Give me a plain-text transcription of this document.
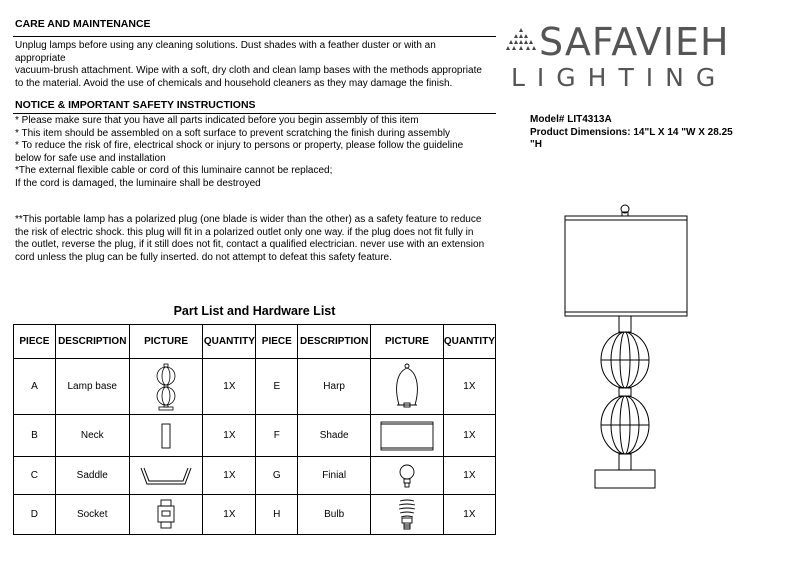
CARE AND MAINTENANCE
Unplug lamps before using any cleaning solutions. Dust shades with a feather duster or with an
appropriate
vacuum-brush attachment. Wipe with a soft, dry cloth and clean lamp bases with the methods appropriate
to the material. Avoid the use of chemicals and household cleaners as they may damage the finish.
NOTICE & IMPORTANT SAFETY INSTRUCTIONS
* Please make sure that you have all parts indicated before you begin assembly of this item
* This item should be assembled on a soft surface to prevent scratching the finish during assembly
* To reduce the risk of fire, electrical shock or injury to persons or property, please follow the guideline
below for safe use and installation
*The external flexible cable or cord of this luminaire cannot be replaced;
If the cord is damaged, the luminaire shall be destroyed
**This portable lamp has a polarized plug (one blade is wider than the other) as a safety feature to reduce
the risk of electric shock. this plug will fit in a polarized outlet only one way. if the plug does not fit fully in
the outlet, reverse the plug, if it still does not fit, contact a qualified electrician. never use with an extension
cord unless the plug can be fully inserted. do not attempt to defeat this safety feature.
SAFAVIEH
LIGHTING
Model# LIT4313A
Product Dimensions: 14"L X 14 "W X 28.25
"H
Part List and Hardware List
PIECE	DESCRIPTION	PICTURE	QUANTITY	PIECE	DESCRIPTION	PICTURE	QUANTITY
A	Lamp base		1X	E	Harp		1X
B	Neck		1X	F	Shade		1X
C	Saddle		1X	G	Finial		1X
D	Socket		1X	H	Bulb		1X
